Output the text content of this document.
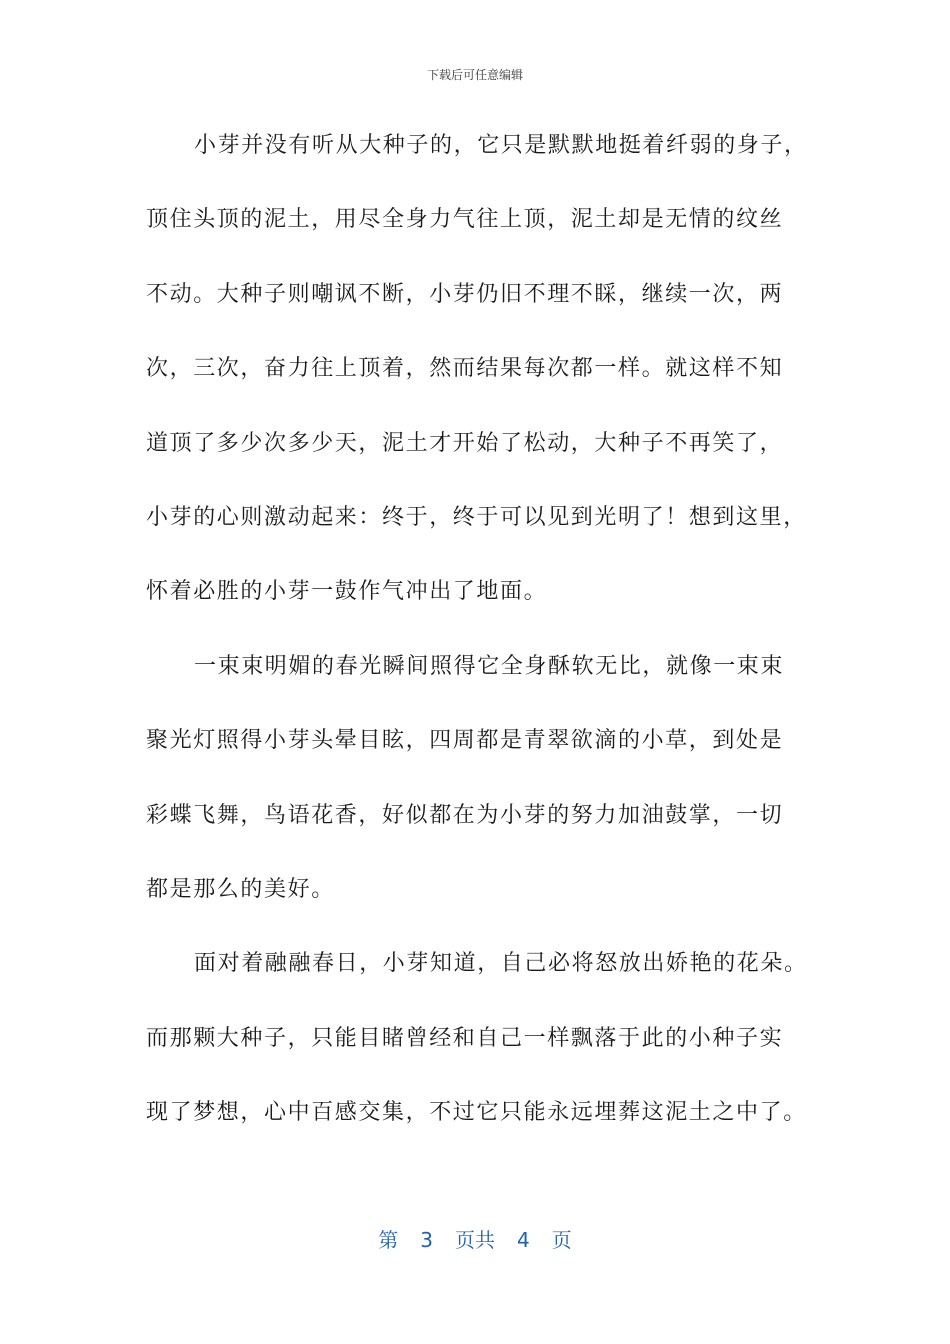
下载后可任意编辑
小芽并没有听从大种子的，它只是默默地挺着纤弱的身子，
顶住头顶的泥土，用尽全身力气往上顶，泥土却是无情的纹丝
不动。大种子则嘲讽不断，小芽仍旧不理不睬，继续一次，两
次，三次，奋力往上顶着，然而结果每次都一样。就这样不知
道顶了多少次多少天，泥土才开始了松动，大种子不再笑了，
小芽的心则激动起来：终于，终于可以见到光明了！想到这里，
怀着必胜的小芽一鼓作气冲出了地面。
一束束明媚的春光瞬间照得它全身酥软无比，就像一束束
聚光灯照得小芽头晕目眩，四周都是青翠欲滴的小草，到处是
彩蝶飞舞，鸟语花香，好似都在为小芽的努力加油鼓掌，一切
都是那么的美好。
面对着融融春日，小芽知道，自己必将怒放出娇艳的花朵。
而那颗大种子，只能目睹曾经和自己一样飘落于此的小种子实
现了梦想，心中百感交集，不过它只能永远埋葬这泥土之中了。
第 3 页共 4 页
